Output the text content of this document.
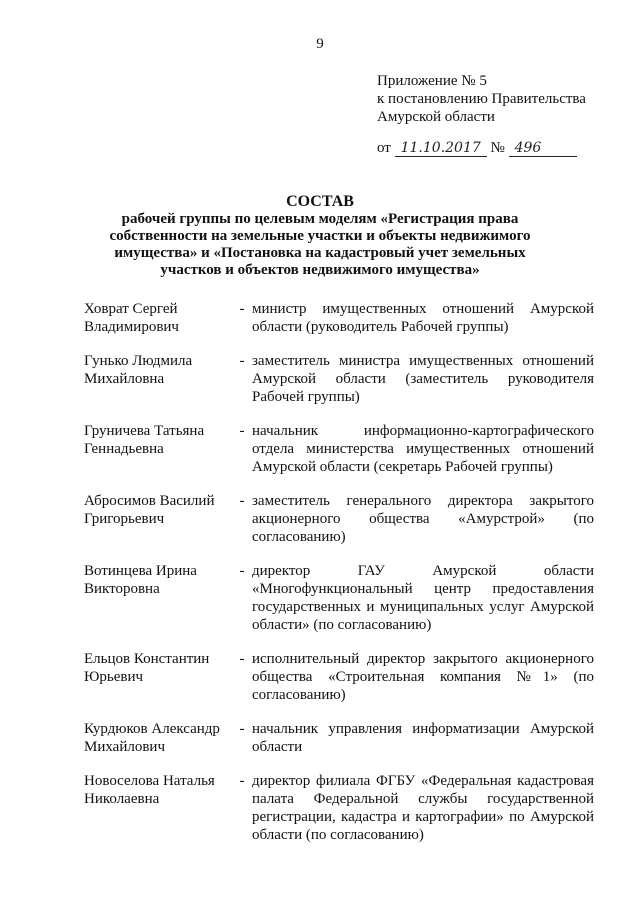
9
Приложение № 5
к постановлению Правительства
Амурской области
от 11.10.2017 № 496
СОСТАВ
рабочей группы по целевым моделям «Регистрация права собственности на земельные участки и объекты недвижимого имущества» и «Постановка на кадастровый учет земельных участков и объектов недвижимого имущества»
Ховрат Сергей Владимирович
- министр имущественных отношений Амурской области (руководитель Рабочей группы)
Гунько Людмила Михайловна
- заместитель министра имущественных отношений Амурской области (заместитель руководителя Рабочей группы)
Груничева Татьяна Геннадьевна
- начальник информационно-картографического отдела министерства имущественных отношений Амурской области (секретарь Рабочей группы)
Абросимов Василий Григорьевич
- заместитель генерального директора закрытого акционерного общества «Амурстрой» (по согласованию)
Вотинцева Ирина Викторовна
- директор ГАУ Амурской области «Многофункциональный центр предоставления государственных и муниципальных услуг Амурской области» (по согласованию)
Ельцов Константин Юрьевич
- исполнительный директор закрытого акционерного общества «Строительная компания №1» (по согласованию)
Курдюков Александр Михайлович
- начальник управления информатизации Амурской области
Новоселова Наталья Николаевна
- директор филиала ФГБУ «Федеральная кадастровая палата Федеральной службы государственной регистрации, кадастра и картографии» по Амурской области (по согласованию)
